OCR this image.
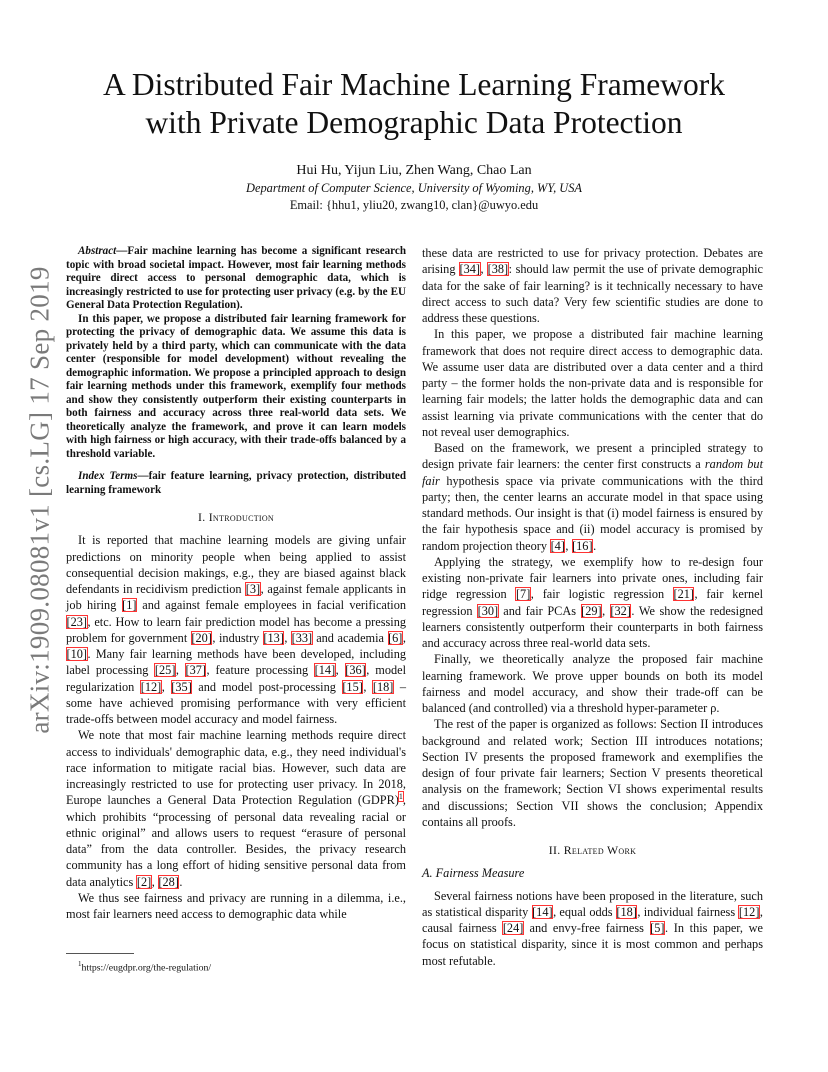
arXiv:1909.08081v1 [cs.LG] 17 Sep 2019
A Distributed Fair Machine Learning Framework
with Private Demographic Data Protection
Hui Hu, Yijun Liu, Zhen Wang, Chao Lan
Department of Computer Science, University of Wyoming, WY, USA
Email: {hhu1, yliu20, zwang10, clan}@uwyo.edu

Abstract—Fair machine learning has become a significant research topic with broad societal impact. However, most fair learning methods require direct access to personal demographic data, which is increasingly restricted to use for protecting user privacy (e.g. by the EU General Data Protection Regulation).

In this paper, we propose a distributed fair learning framework for protecting the privacy of demographic data. We assume this data is privately held by a third party, which can communicate with the data center (responsible for model development) without revealing the demographic information. We propose a principled approach to design fair learning methods under this framework, exemplify four methods and show they consistently outperform their existing counterparts in both fairness and accuracy across three real-world data sets. We theoretically analyze the framework, and prove it can learn models with high fairness or high accuracy, with their trade-offs balanced by a threshold variable.

Index Terms—fair feature learning, privacy protection, distributed learning framework

I. Introduction

It is reported that machine learning models are giving unfair predictions on minority people when being applied to assist consequential decision makings, e.g., they are biased against black defendants in recidivism prediction [3], against female applicants in job hiring [1] and against female employees in facial verification [23], etc. How to learn fair prediction model has become a pressing problem for government [20], industry [13], [33] and academia [6], [10]. Many fair learning methods have been developed, including label processing [25], [37], feature processing [14], [36], model regularization [12], [35] and model post-processing [15], [18] – some have achieved promising performance with very efficient trade-offs between model accuracy and model fairness.

We note that most fair machine learning methods require direct access to individuals' demographic data, e.g., they need individual's race information to mitigate racial bias. However, such data are increasingly restricted to use for protecting user privacy. In 2018, Europe launches a General Data Protection Regulation (GDPR)$^1$, which prohibits “processing of personal data revealing racial or ethnic original” and allows users to request “erasure of personal data” from the data controller. Besides, the privacy research community has a long effort of hiding sensitive personal data from data analytics [2], [28].

We thus see fairness and privacy are running in a dilemma, i.e., most fair learners need access to demographic data while

$^1$https://eugdpr.org/the-regulation/

these data are restricted to use for privacy protection. Debates are arising [34], [38]: should law permit the use of private demographic data for the sake of fair learning? is it technically necessary to have direct access to such data? Very few scientific studies are done to address these questions.

In this paper, we propose a distributed fair machine learning framework that does not require direct access to demographic data. We assume user data are distributed over a data center and a third party – the former holds the non-private data and is responsible for learning fair models; the latter holds the demographic data and can assist learning via private communications with the center that do not reveal user demographics.

Based on the framework, we present a principled strategy to design private fair learners: the center first constructs a random but fair hypothesis space via private communications with the third party; then, the center learns an accurate model in that space using standard methods. Our insight is that (i) model fairness is ensured by the fair hypothesis space and (ii) model accuracy is promised by random projection theory [4], [16].

Applying the strategy, we exemplify how to re-design four existing non-private fair learners into private ones, including fair ridge regression [7], fair logistic regression [21], fair kernel regression [30] and fair PCAs [29], [32]. We show the redesigned learners consistently outperform their counterparts in both fairness and accuracy across three real-world data sets.

Finally, we theoretically analyze the proposed fair machine learning framework. We prove upper bounds on both its model fairness and model accuracy, and show their trade-off can be balanced (and controlled) via a threshold hyper-parameter ρ.

The rest of the paper is organized as follows: Section II introduces background and related work; Section III introduces notations; Section IV presents the proposed framework and exemplifies the design of four private fair learners; Section V presents theoretical analysis on the framework; Section VI shows experimental results and discussions; Section VII shows the conclusion; Appendix contains all proofs.

II. Related Work
A. Fairness Measure

Several fairness notions have been proposed in the literature, such as statistical disparity [14], equal odds [18], individual fairness [12], causal fairness [24] and envy-free fairness [5]. In this paper, we focus on statistical disparity, since it is most common and perhaps most refutable.
